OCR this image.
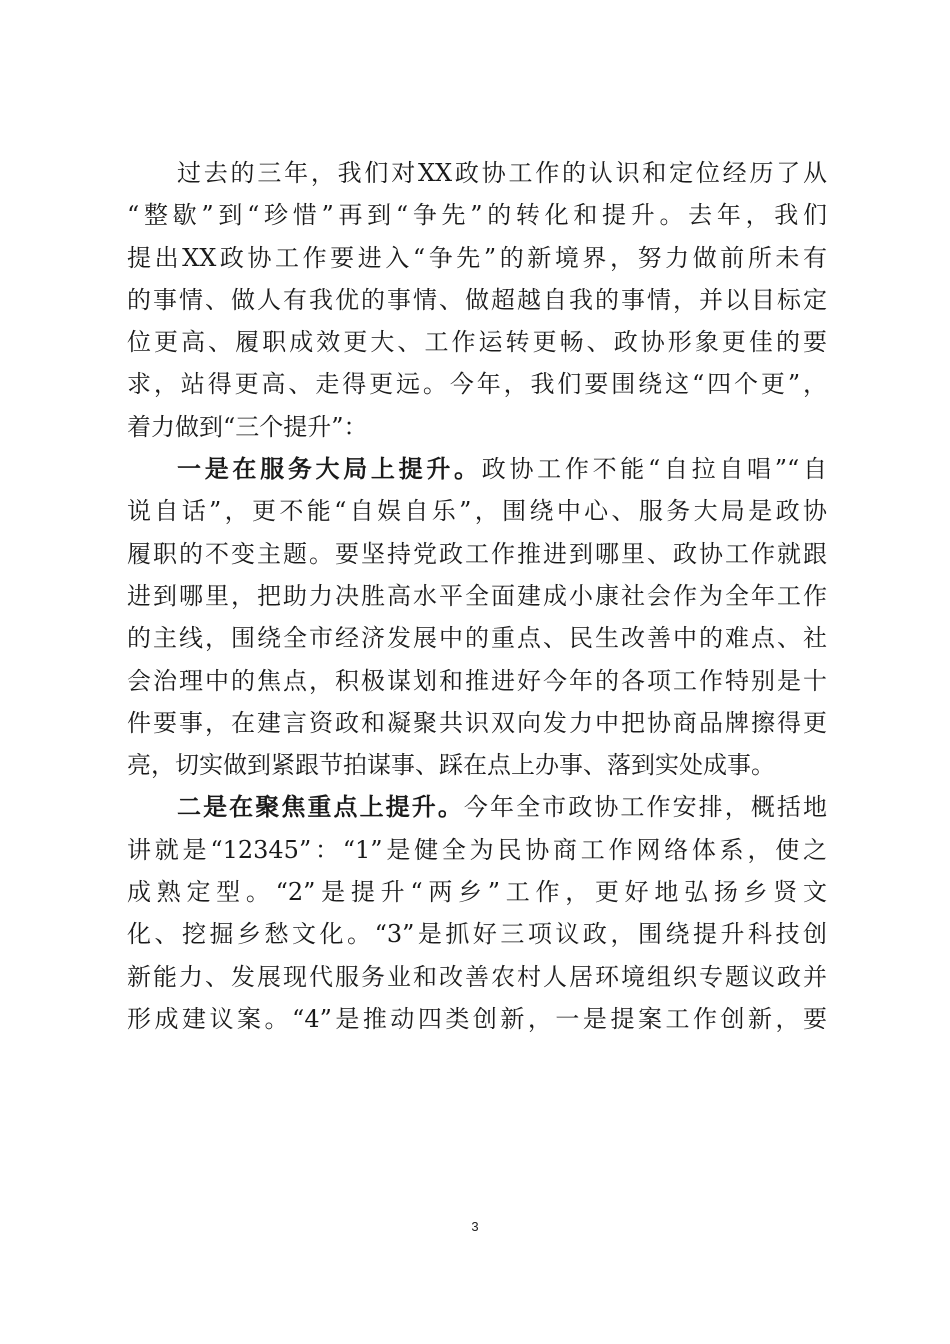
过去的三年，我们对XX政协工作的认识和定位经历了从
“整歇”到“珍惜”再到“争先”的转化和提升。去年，我们
提出XX政协工作要进入“争先”的新境界，努力做前所未有
的事情、做人有我优的事情、做超越自我的事情，并以目标定
位更高、履职成效更大、工作运转更畅、政协形象更佳的要
求，站得更高、走得更远。今年，我们要围绕这“四个更”，
着力做到“三个提升”：
一是在服务大局上提升。政协工作不能“自拉自唱”“自
说自话”，更不能“自娱自乐”，围绕中心、服务大局是政协
履职的不变主题。要坚持党政工作推进到哪里、政协工作就跟
进到哪里，把助力决胜高水平全面建成小康社会作为全年工作
的主线，围绕全市经济发展中的重点、民生改善中的难点、社
会治理中的焦点，积极谋划和推进好今年的各项工作特别是十
件要事，在建言资政和凝聚共识双向发力中把协商品牌擦得更
亮，切实做到紧跟节拍谋事、踩在点上办事、落到实处成事。
二是在聚焦重点上提升。今年全市政协工作安排，概括地
讲就是“12345”：“1”是健全为民协商工作网络体系，使之
成熟定型。“2”是提升“两乡”工作，更好地弘扬乡贤文
化、挖掘乡愁文化。“3”是抓好三项议政，围绕提升科技创
新能力、发展现代服务业和改善农村人居环境组织专题议政并
形成建议案。“4”是推动四类创新，一是提案工作创新，要
3
